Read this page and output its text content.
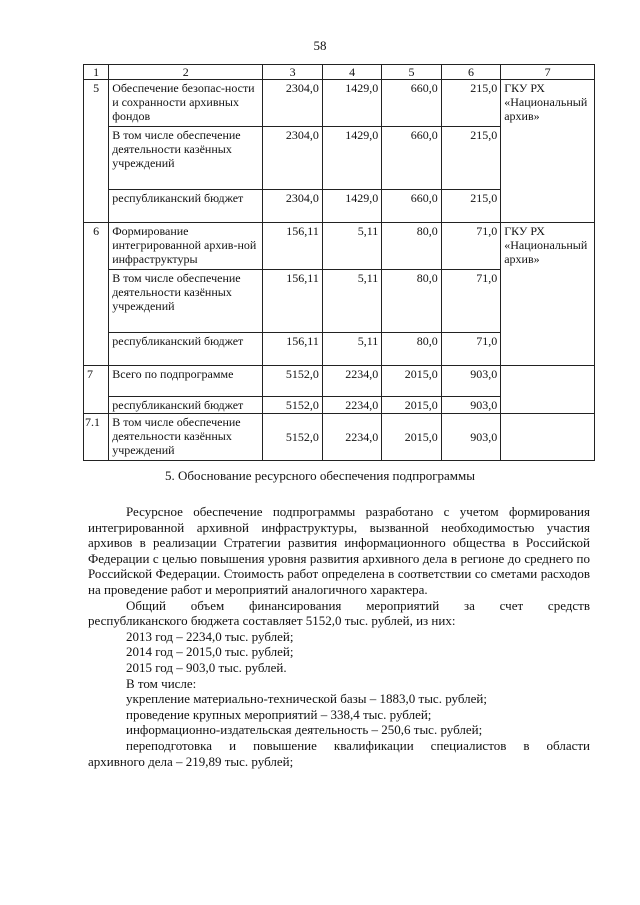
58
1	2	3	4	5	6	7
5	Обеспечение безопас-ности и сохранности архивных фондов	2304,0	1429,0	660,0	215,0	ГКУ РХ «Национальный архив»
	В том числе обеспечение деятельности казённых учреждений	2304,0	1429,0	660,0	215,0	
	республиканский бюджет	2304,0	1429,0	660,0	215,0	
6	Формирование интегрированной архив-ной инфраструктуры	156,11	5,11	80,0	71,0	ГКУ РХ «Национальный архив»
	В том числе обеспечение деятельности казённых учреждений	156,11	5,11	80,0	71,0	
	республиканский бюджет	156,11	5,11	80,0	71,0	
7	Всего по подпрограмме	5152,0	2234,0	2015,0	903,0	
	республиканский бюджет	5152,0	2234,0	2015,0	903,0	
7.1	В том числе обеспечение деятельности казённых учреждений	5152,0	2234,0	2015,0	903,0	
5. Обоснование ресурсного обеспечения подпрограммы
Ресурсное обеспечение подпрограммы разработано с учетом формирования интегрированной архивной инфраструктуры, вызванной необходимостью участия архивов в реализации Стратегии развития информационного общества в Российской Федерации с целью повышения уровня развития архивного дела в регионе до среднего по Российской Федерации. Стоимость работ определена в соответствии со сметами расходов на проведение работ и мероприятий аналогичного характера.
Общий объем финансирования мероприятий за счет средств
республиканского бюджета составляет 5152,0 тыс. рублей, из них:
2013 год – 2234,0 тыс. рублей;
2014 год – 2015,0 тыс. рублей;
2015 год – 903,0 тыс. рублей.
В том числе:
укрепление материально-технической базы – 1883,0 тыс. рублей;
проведение крупных мероприятий – 338,4 тыс. рублей;
информационно-издательская деятельность – 250,6 тыс. рублей;
переподготовка и повышение квалификации специалистов в области
архивного дела – 219,89 тыс. рублей;
